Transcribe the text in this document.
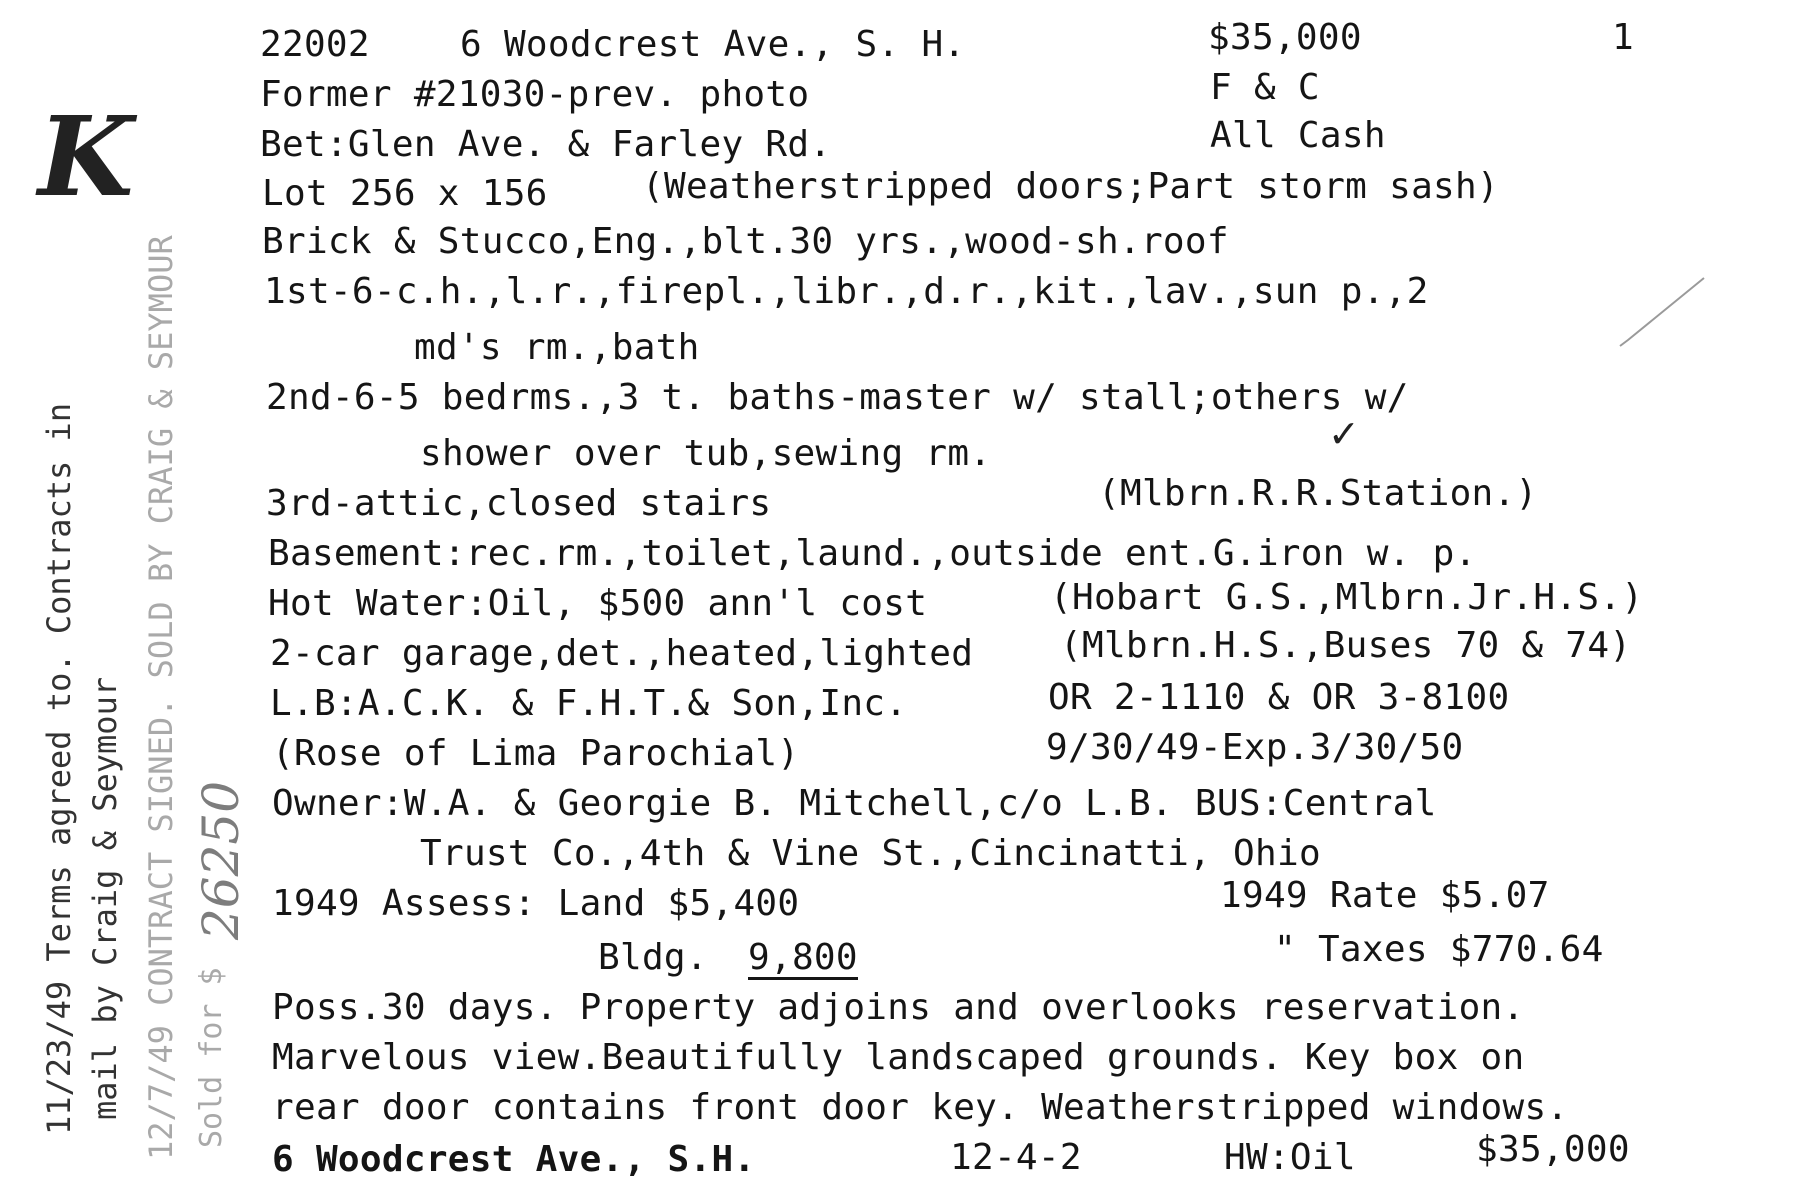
22002	6 Woodcrest Ave., S. H.	$35,000	1
Former #21030-prev. photo	F & C
Bet:Glen Ave. & Farley Rd.	All Cash
Lot 256 x 156	(Weatherstripped doors;Part storm sash)
Brick & Stucco,Eng.,blt.30 yrs.,wood-sh.roof
1st-6-c.h.,l.r.,firepl.,libr.,d.r.,kit.,lav.,sun p.,2
md's rm.,bath
2nd-6-5 bedrms.,3 t. baths-master w/ stall;others w/
shower over tub,sewing rm.
3rd-attic,closed stairs	(Mlbrn.R.R.Station.)
Basement:rec.rm.,toilet,laund.,outside ent.G.iron w. p.
Hot Water:Oil, $500 ann'l cost	(Hobart G.S.,Mlbrn.Jr.H.S.)
2-car garage,det.,heated,lighted (Mlbrn.H.S.,Buses 70 & 74)
L.B:A.C.K. & F.H.T.& Son,Inc.	OR 2-1110 & OR 3-8100
(Rose of Lima Parochial)	9/30/49-Exp.3/30/50
Owner:W.A. & Georgie B. Mitchell,c/o L.B. BUS:Central
Trust Co.,4th & Vine St.,Cincinatti, Ohio
1949 Assess: Land $5,400	1949 Rate $5.07
Bldg. 9,800	" Taxes $770.64
Poss.30 days. Property adjoins and overlooks reservation.
Marvelous view.Beautifully landscaped grounds. Key box on
rear door contains front door key. Weatherstripped windows.
6 Woodcrest Ave., S.H.	12-4-2	HW:Oil	$35,000
11/23/49 Terms agreed to. Contracts in mail by Craig & Seymour 12/7/49 CONTRACT SIGNED. SOLD BY CRAIG & SEYMOUR Sold for $
26250
K
✓
